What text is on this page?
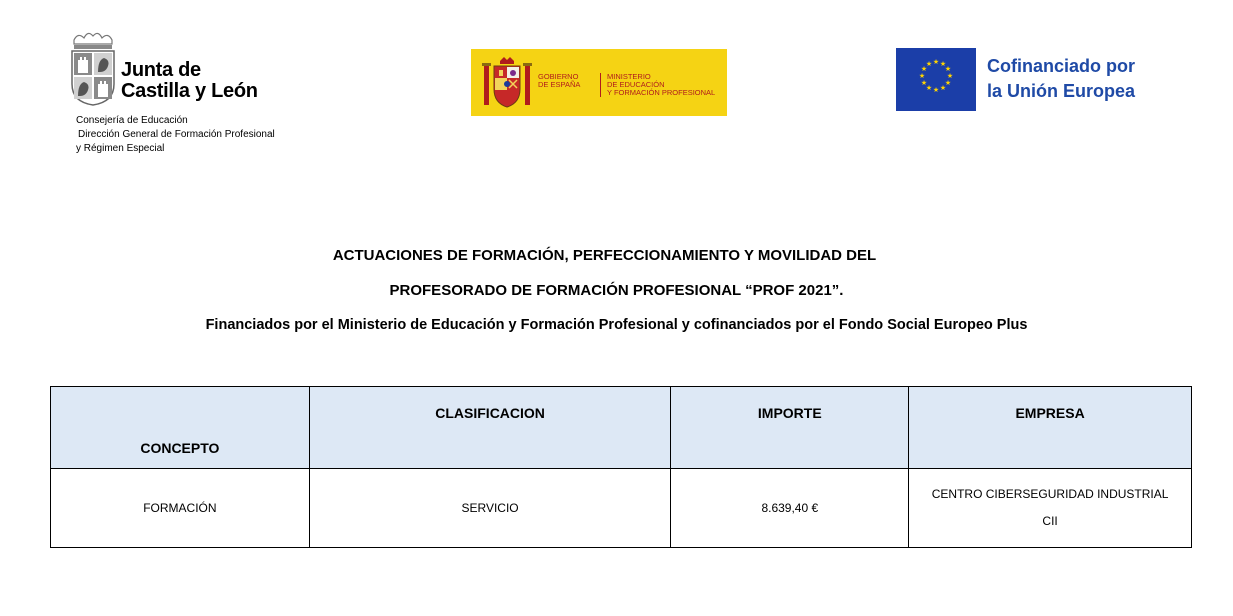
Junta de
Castilla y León
Consejería de Educación
Dirección General de Formación Profesional
y Régimen Especial
GOBIERNO
DE ESPAÑA
MINISTERIO
DE EDUCACIÓN
Y FORMACIÓN PROFESIONAL
★ ★
★
★
★
★
★
★
★
★
★
★	Cofinanciado por
la Unión Europea
ACTUACIONES DE FORMACIÓN, PERFECCIONAMIENTO Y MOVILIDAD DEL
PROFESORADO DE FORMACIÓN PROFESIONAL “PROF 2021”.
Financiados por el Ministerio de Educación y Formación Profesional y cofinanciados por el Fondo Social Europeo Plus
CONCEPTO	CLASIFICACION	IMPORTE	EMPRESA
FORMACIÓN	SERVICIO	8.639,40 €	CENTRO CIBERSEGURIDAD INDUSTRIAL
CII
